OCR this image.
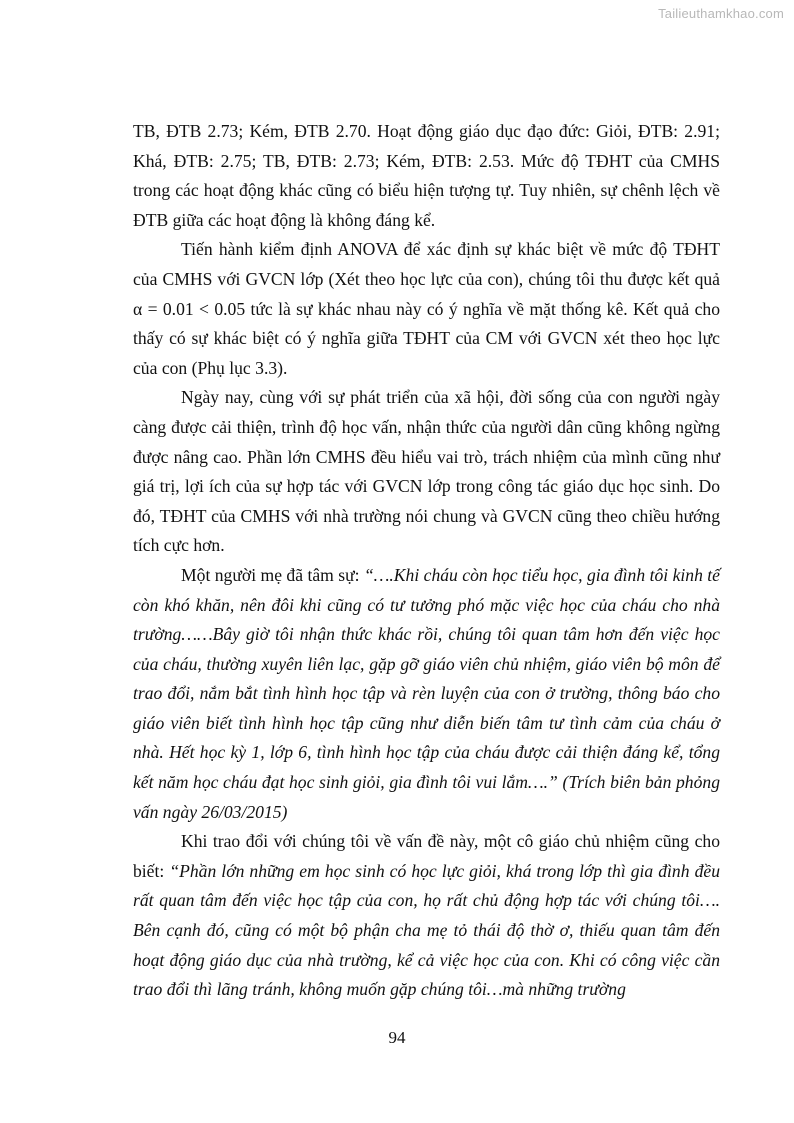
Tailieuthamkhao.com

TB, ĐTB 2.73; Kém, ĐTB 2.70. Hoạt động giáo dục đạo đức: Giỏi, ĐTB: 2.91; Khá, ĐTB: 2.75; TB, ĐTB: 2.73; Kém, ĐTB: 2.53. Mức độ TĐHT của CMHS trong các hoạt động khác cũng có biểu hiện tượng tự. Tuy nhiên, sự chênh lệch về ĐTB giữa các hoạt động là không đáng kể.

Tiến hành kiểm định ANOVA để xác định sự khác biệt về mức độ TĐHT của CMHS với GVCN lớp (Xét theo học lực của con), chúng tôi thu được kết quả α = 0.01 < 0.05 tức là sự khác nhau này có ý nghĩa về mặt thống kê. Kết quả cho thấy có sự khác biệt có ý nghĩa giữa TĐHT của CM với GVCN xét theo học lực của con (Phụ lục 3.3).

Ngày nay, cùng với sự phát triển của xã hội, đời sống của con người ngày càng được cải thiện, trình độ học vấn, nhận thức của người dân cũng không ngừng được nâng cao. Phần lớn CMHS đều hiểu vai trò, trách nhiệm của mình cũng như giá trị, lợi ích của sự hợp tác với GVCN lớp trong công tác giáo dục học sinh. Do đó, TĐHT của CMHS với nhà trường nói chung và GVCN cũng theo chiều hướng tích cực hơn.

Một người mẹ đã tâm sự: “….Khi cháu còn học tiểu học, gia đình tôi kinh tế còn khó khăn, nên đôi khi cũng có tư tưởng phó mặc việc học của cháu cho nhà trường……Bây giờ tôi nhận thức khác rồi, chúng tôi quan tâm hơn đến việc học của cháu, thường xuyên liên lạc, gặp gỡ giáo viên chủ nhiệm, giáo viên bộ môn để trao đổi, nắm bắt tình hình học tập và rèn luyện của con ở trường, thông báo cho giáo viên biết tình hình học tập cũng như diễn biến tâm tư tình cảm của cháu ở nhà. Hết học kỳ 1, lớp 6, tình hình học tập của cháu được cải thiện đáng kể, tổng kết năm học cháu đạt học sinh giỏi, gia đình tôi vui lắm….” (Trích biên bản phỏng vấn ngày 26/03/2015)

Khi trao đổi với chúng tôi về vấn đề này, một cô giáo chủ nhiệm cũng cho biết: “Phần lớn những em học sinh có học lực giỏi, khá trong lớp thì gia đình đều rất quan tâm đến việc học tập của con, họ rất chủ động hợp tác với chúng tôi…. Bên cạnh đó, cũng có một bộ phận cha mẹ tỏ thái độ thờ ơ, thiếu quan tâm đến hoạt động giáo dục của nhà trường, kể cả việc học của con. Khi có công việc cần trao đổi thì lãng tránh, không muốn gặp chúng tôi…mà những trường

94
